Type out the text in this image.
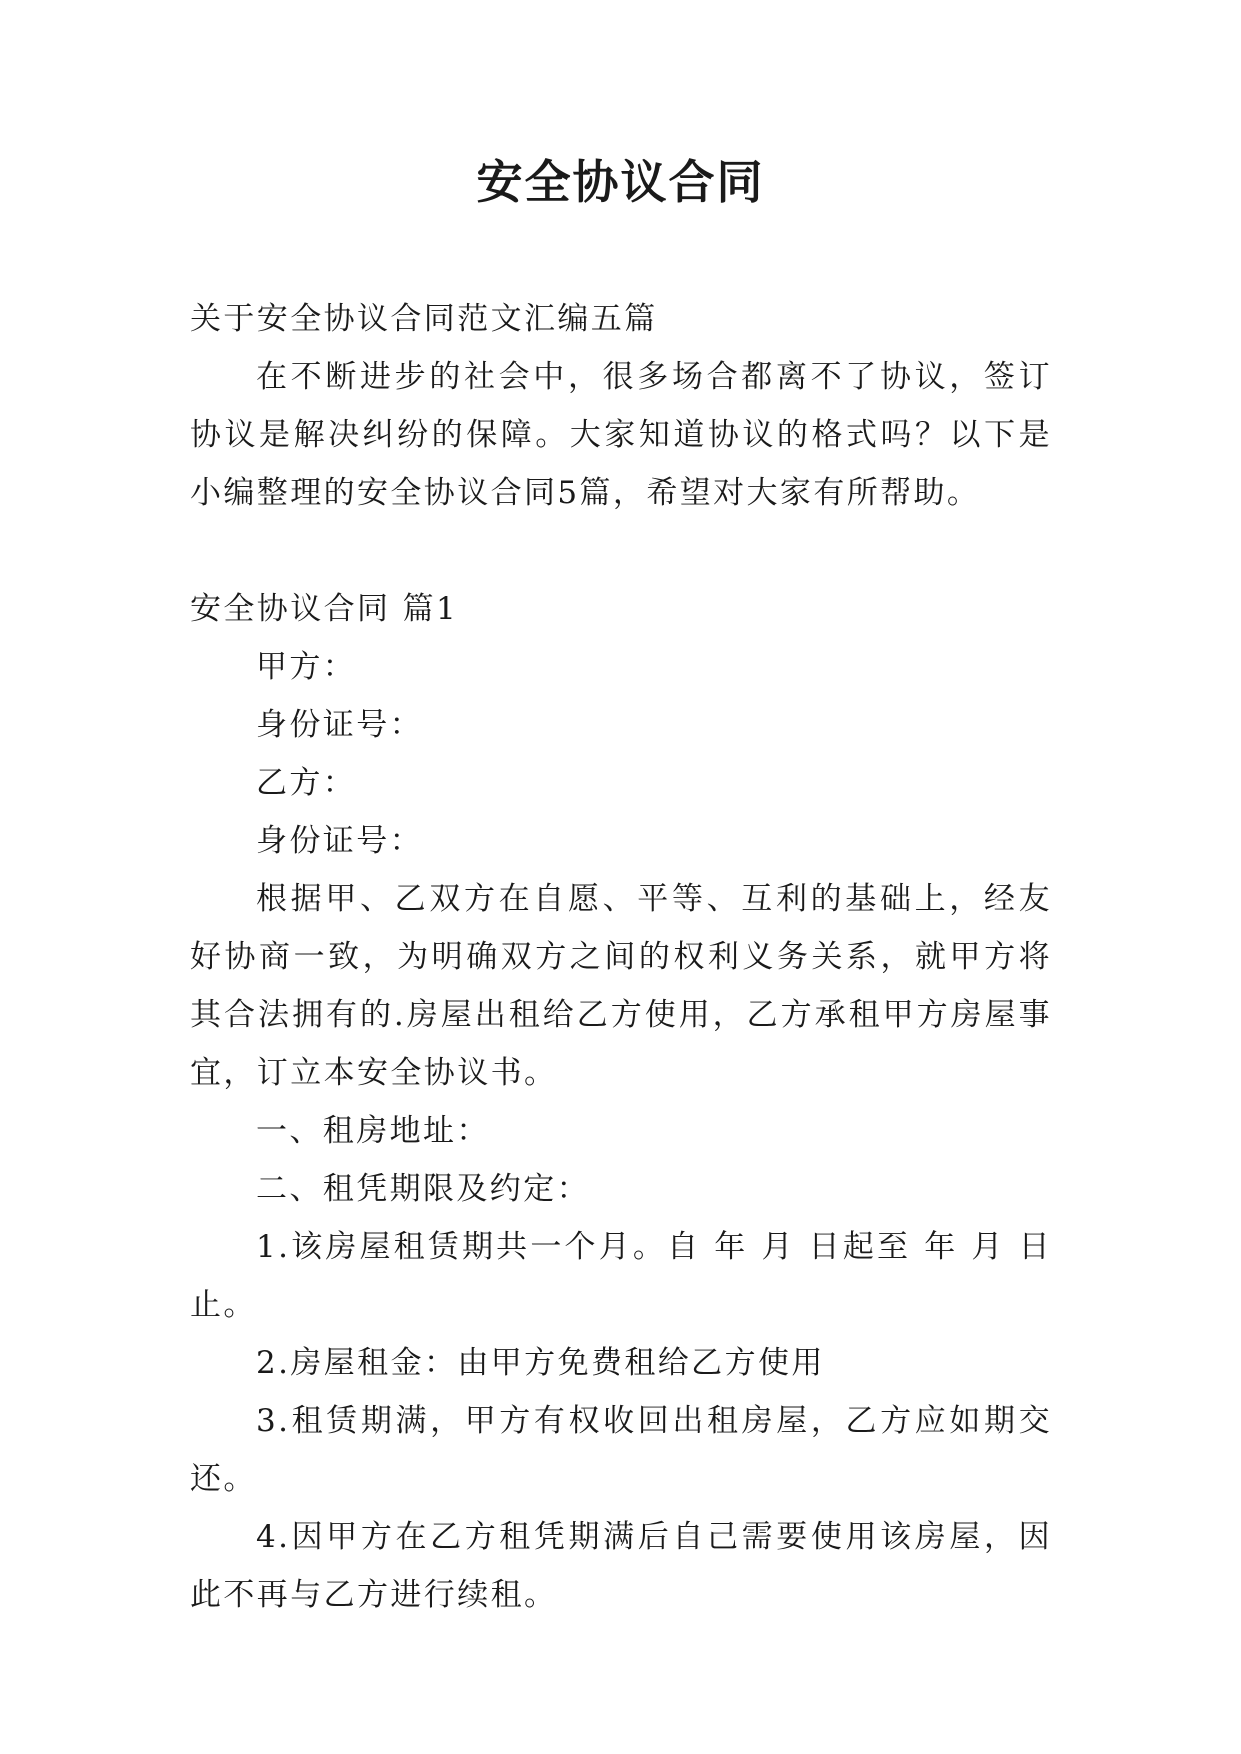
安全协议合同

关于安全协议合同范文汇编五篇

在不断进步的社会中，很多场合都离不了协议，签订协议是解决纠纷的保障。大家知道协议的格式吗？以下是小编整理的安全协议合同5篇，希望对大家有所帮助。

安全协议合同 篇1

甲方：

身份证号：

乙方：

身份证号：

根据甲、乙双方在自愿、平等、互利的基础上，经友好协商一致，为明确双方之间的权利义务关系，就甲方将其合法拥有的.房屋出租给乙方使用，乙方承租甲方房屋事宜，订立本安全协议书。

一、租房地址：

二、租凭期限及约定：

1.该房屋租赁期共一个月。自 年 月 日起至 年 月 日止。

2.房屋租金：由甲方免费租给乙方使用

3.租赁期满，甲方有权收回出租房屋，乙方应如期交还。

4.因甲方在乙方租凭期满后自己需要使用该房屋，因此不再与乙方进行续租。
